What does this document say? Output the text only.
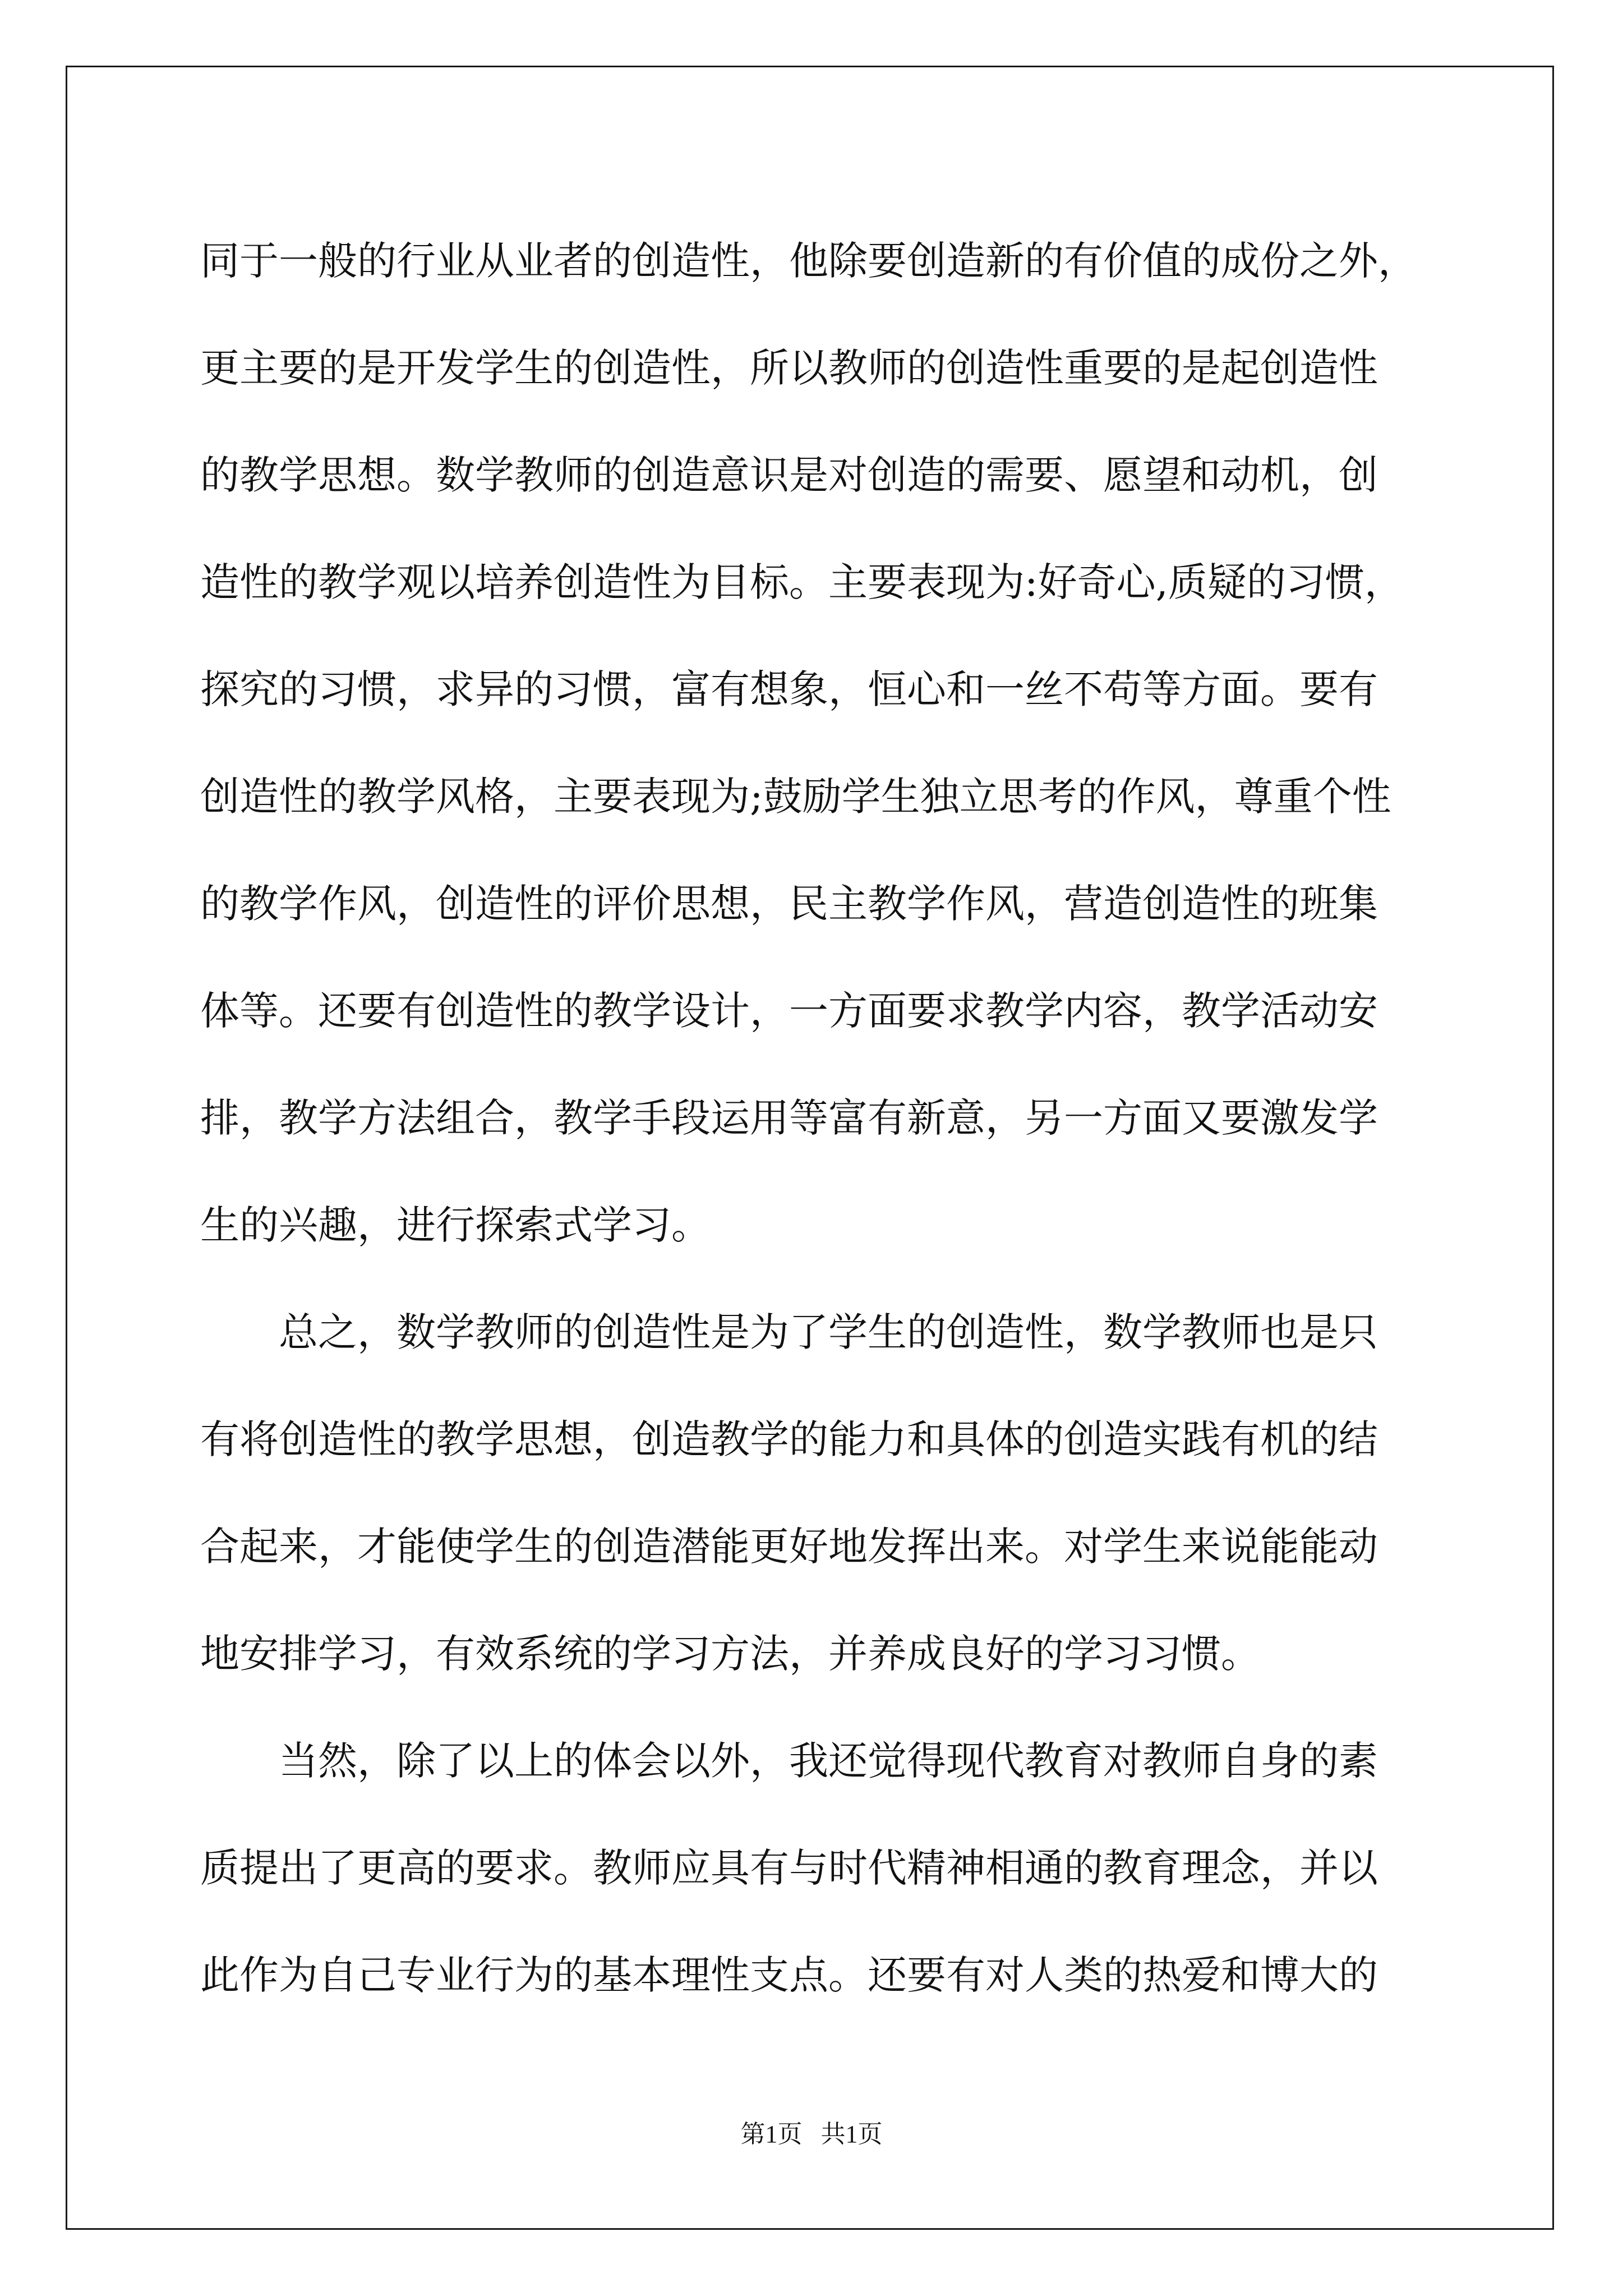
同于一般的行业从业者的创造性，他除要创造新的有价值的成份之外，
更主要的是开发学生的创造性，所以教师的创造性重要的是起创造性
的教学思想。数学教师的创造意识是对创造的需要、愿望和动机，创
造性的教学观以培养创造性为目标。主要表现为:好奇心,质疑的习惯，
探究的习惯，求异的习惯，富有想象，恒心和一丝不苟等方面。要有
创造性的教学风格，主要表现为;鼓励学生独立思考的作风，尊重个性
的教学作风，创造性的评价思想，民主教学作风，营造创造性的班集
体等。还要有创造性的教学设计，一方面要求教学内容，教学活动安
排，教学方法组合，教学手段运用等富有新意，另一方面又要激发学
生的兴趣，进行探索式学习。
总之，数学教师的创造性是为了学生的创造性，数学教师也是只
有将创造性的教学思想，创造教学的能力和具体的创造实践有机的结
合起来，才能使学生的创造潜能更好地发挥出来。对学生来说能能动
地安排学习，有效系统的学习方法，并养成良好的学习习惯。
当然，除了以上的体会以外，我还觉得现代教育对教师自身的素
质提出了更高的要求。教师应具有与时代精神相通的教育理念，并以
此作为自己专业行为的基本理性支点。还要有对人类的热爱和博大的
第1页   共1页
